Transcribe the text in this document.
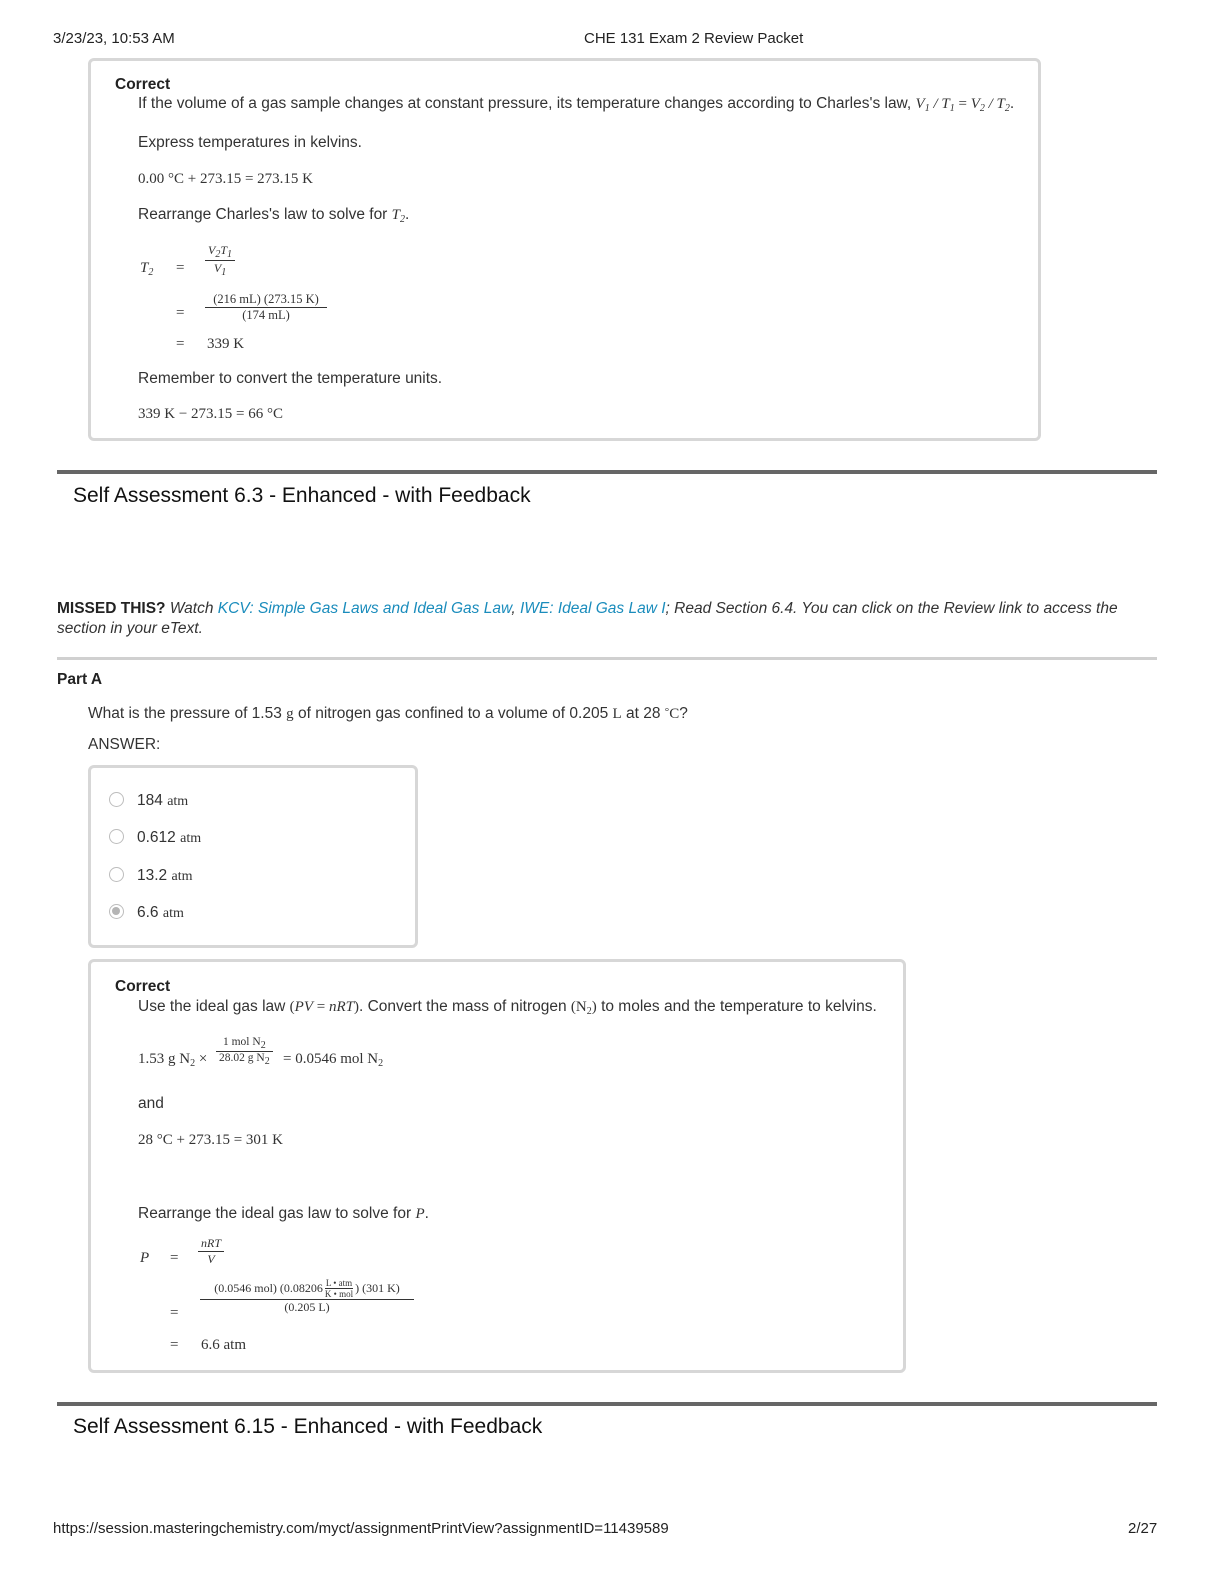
3/23/23, 10:53 AM	CHE 131 Exam 2 Review Packet
Correct
If the volume of a gas sample changes at constant pressure, its temperature changes according to Charles's law, $V_1 / T_1 = V_2 / T_2$.
Express temperatures in kelvins.
0.00 °C + 273.15 = 273.15 K
Rearrange Charles's law to solve for $T_2$.
$T_2$ =
$V_2T_1$
$V_1$
=
(216 mL) (273.15 K)
(174 mL)
= 339 K
Remember to convert the temperature units.
339 K − 273.15 = 66 °C
Self Assessment 6.3 - Enhanced - with Feedback
MISSED THIS? Watch KCV: Simple Gas Laws and Ideal Gas Law, IWE: Ideal Gas Law I; Read Section 6.4. You can click on the Review link to access the
section in your eText.
Part A
What is the pressure of 1.53 g of nitrogen gas confined to a volume of 0.205 L at 28 °C?
ANSWER:
184 atm
0.612 atm
13.2 atm
6.6 atm
Correct
Use the ideal gas law (PV = nRT). Convert the mass of nitrogen $(N_2)$ to moles and the temperature to kelvins.
1.53 g $N_2$ ×
1 mol $N_2$
28.02 g $N_2 = 0.0546$ mol $N_2$
and
28 °C + 273.15 = 301 K
Rearrange the ideal gas law to solve for P.
P =
nRT
V
=
(0.0546 mol) (0.08206 L • atm
K • mol ) (301 K)
(0.205 L)
= 6.6 atm
Self Assessment 6.15 - Enhanced - with Feedback
https://session.masteringchemistry.com/myct/assignmentPrintView?assignmentID=11439589	2/27
